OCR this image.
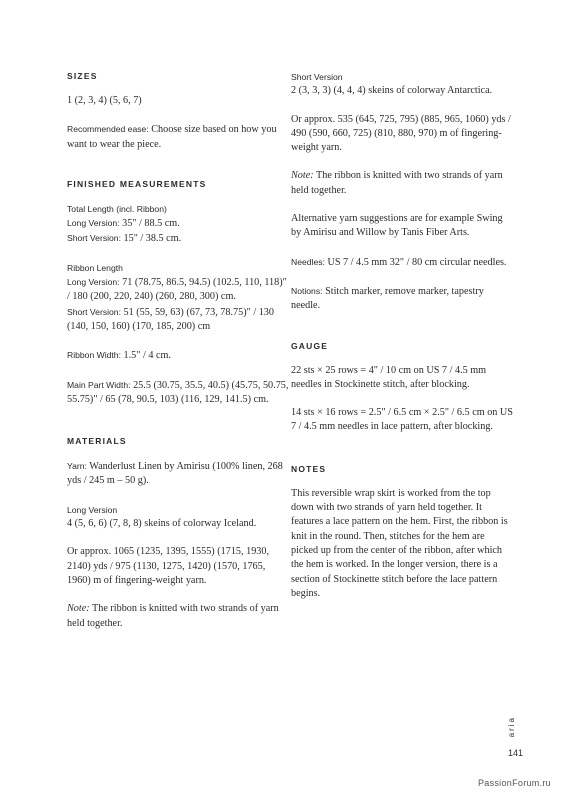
SIZES
1 (2, 3, 4) (5, 6, 7)
Recommended ease: Choose size based on how you want to wear the piece.
FINISHED MEASUREMENTS
Total Length (incl. Ribbon)
Long Version: 35" / 88.5 cm.
Short Version: 15" / 38.5 cm.
Ribbon Length
Long Version: 71 (78.75, 86.5, 94.5) (102.5, 110, 118)" / 180 (200, 220, 240) (260, 280, 300) cm.
Short Version: 51 (55, 59, 63) (67, 73, 78.75)" / 130 (140, 150, 160) (170, 185, 200) cm
Ribbon Width: 1.5" / 4 cm.
Main Part Width: 25.5 (30.75, 35.5, 40.5) (45.75, 50.75, 55.75)" / 65 (78, 90.5, 103) (116, 129, 141.5) cm.
MATERIALS
Yarn: Wanderlust Linen by Amirisu (100% linen, 268 yds / 245 m – 50 g).
Long Version
4 (5, 6, 6) (7, 8, 8) skeins of colorway Iceland.
Or approx. 1065 (1235, 1395, 1555) (1715, 1930, 2140) yds / 975 (1130, 1275, 1420) (1570, 1765, 1960) m of fingering-weight yarn.
Note: The ribbon is knitted with two strands of yarn held together.
Short Version
2 (3, 3, 3) (4, 4, 4) skeins of colorway Antarctica.
Or approx. 535 (645, 725, 795) (885, 965, 1060) yds / 490 (590, 660, 725) (810, 880, 970) m of fingering-weight yarn.
Note: The ribbon is knitted with two strands of yarn held together.
Alternative yarn suggestions are for example Swing by Amirisu and Willow by Tanis Fiber Arts.
Needles: US 7 / 4.5 mm 32" / 80 cm circular needles.
Notions: Stitch marker, remove marker, tapestry needle.
GAUGE
22 sts × 25 rows = 4" / 10 cm on US 7 / 4.5 mm needles in Stockinette stitch, after blocking.
14 sts × 16 rows = 2.5" / 6.5 cm × 2.5" / 6.5 cm on US 7 / 4.5 mm needles in lace pattern, after blocking.
NOTES
This reversible wrap skirt is worked from the top down with two strands of yarn held together. It features a lace pattern on the hem. First, the ribbon is knit in the round. Then, stitches for the hem are picked up from the center of the ribbon, after which the hem is worked. In the longer version, there is a section of Stockinette stitch before the lace pattern begins.
aria
141
PassionForum.ru
